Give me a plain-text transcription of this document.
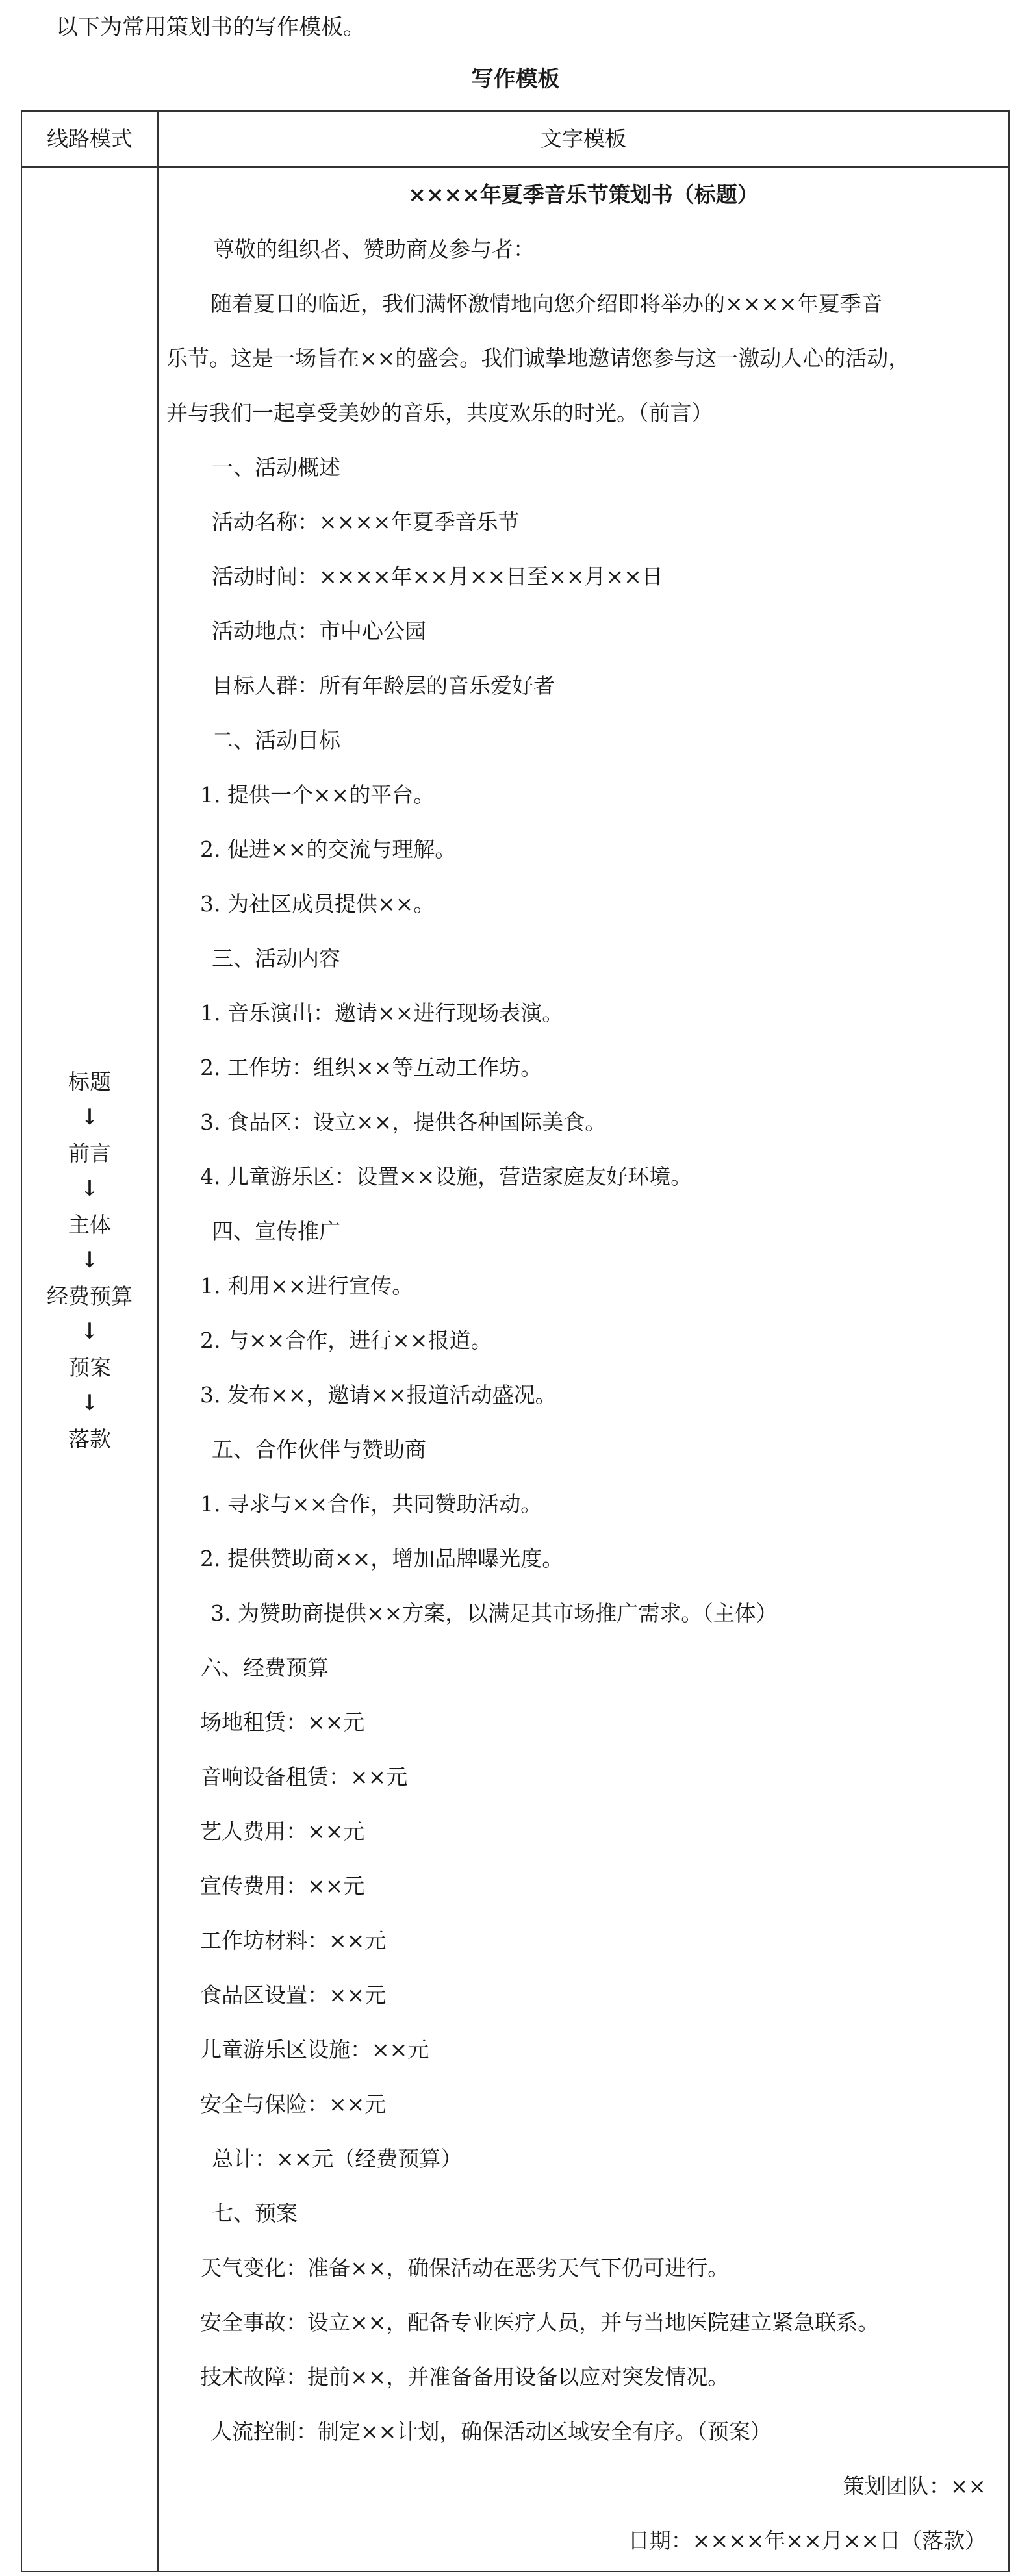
以下为常用策划书的写作模板。
写作模板
线路模式	文字模板
标题
↓
前言
↓
主体
↓
经费预算
↓
预案
↓
落款
××××年夏季音乐节策划书（标题）
尊敬的组织者、赞助商及参与者：
随着夏日的临近，我们满怀激情地向您介绍即将举办的××××年夏季音
乐节。这是一场旨在××的盛会。我们诚挚地邀请您参与这一激动人心的活动，
并与我们一起享受美妙的音乐，共度欢乐的时光。（前言）
一、活动概述
活动名称：××××年夏季音乐节
活动时间：××××年××月××日至××月××日
活动地点：市中心公园
目标人群：所有年龄层的音乐爱好者
二、活动目标
1. 提供一个××的平台。
2. 促进××的交流与理解。
3. 为社区成员提供××。
三、活动内容
1. 音乐演出：邀请××进行现场表演。
2. 工作坊：组织××等互动工作坊。
3. 食品区：设立××，提供各种国际美食。
4. 儿童游乐区：设置××设施，营造家庭友好环境。
四、宣传推广
1. 利用××进行宣传。
2. 与××合作，进行××报道。
3. 发布××，邀请××报道活动盛况。
五、合作伙伴与赞助商
1. 寻求与××合作，共同赞助活动。
2. 提供赞助商××，增加品牌曝光度。
3. 为赞助商提供××方案，以满足其市场推广需求。（主体）
六、经费预算
场地租赁：××元
音响设备租赁：××元
艺人费用：××元
宣传费用：××元
工作坊材料：××元
食品区设置：××元
儿童游乐区设施：××元
安全与保险：××元
总计：××元（经费预算）
七、预案
天气变化：准备××，确保活动在恶劣天气下仍可进行。
安全事故：设立××，配备专业医疗人员，并与当地医院建立紧急联系。
技术故障：提前××，并准备备用设备以应对突发情况。
人流控制：制定××计划，确保活动区域安全有序。（预案）
策划团队：××
日期：××××年××月××日（落款）
